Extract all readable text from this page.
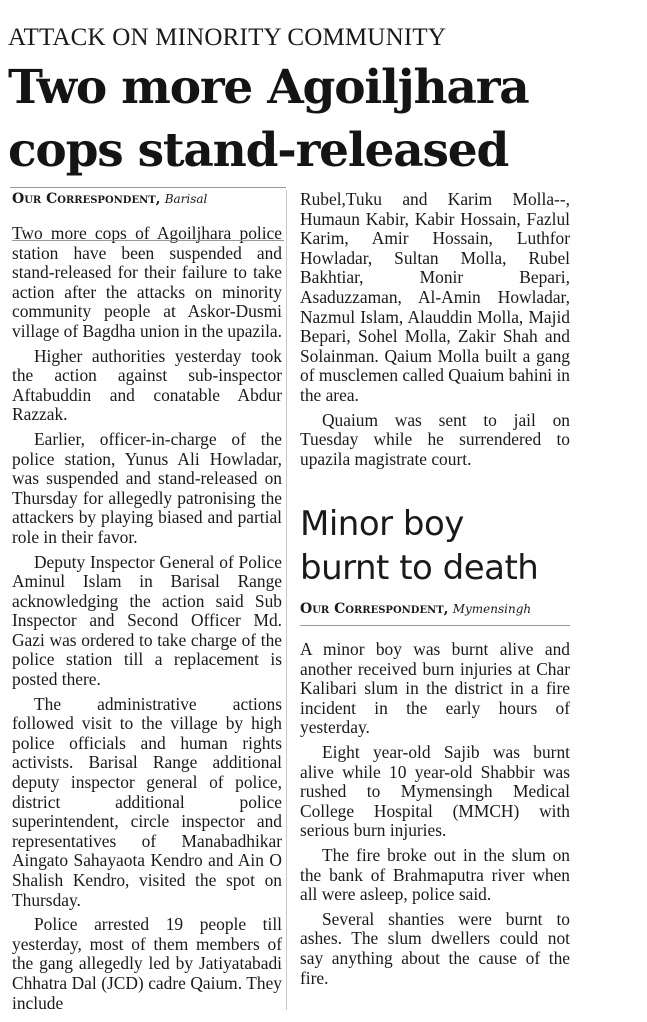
ATTACK ON MINORITY COMMUNITY
Two more Agoiljhara
cops stand-released
Our Correspondent, Barisal

Two more cops of Agoiljhara police station have been suspended and stand-released for their failure to take action after the attacks on minority community people at Askor-Dusmi village of Bagdha union in the upazila.

Higher authorities yesterday took the action against sub-inspector Aftabuddin and conatable Abdur Razzak.

Earlier, officer-in-charge of the police station, Yunus Ali Howladar, was suspended and stand-released on Thursday for allegedly patronising the attackers by playing biased and partial role in their favor.

Deputy Inspector General of Police Aminul Islam in Barisal Range acknowledging the action said Sub Inspector and Second Officer Md. Gazi was ordered to take charge of the police station till a replacement is posted there.

The administrative actions followed visit to the village by high police officials and human rights activists. Barisal Range additional deputy inspector general of police, district additional police superintendent, circle inspector and representatives of Manabadhikar Aingato Sahayaota Kendro and Ain O Shalish Kendro, visited the spot on Thursday.

Police arrested 19 people till yesterday, most of them members of the gang allegedly led by Jatiyatabadi Chhatra Dal (JCD) cadre Qaium. They include

Rubel,Tuku and Karim Molla--, Humaun Kabir, Kabir Hossain, Fazlul Karim, Amir Hossain, Luthfor Howladar, Sultan Molla, Rubel Bakhtiar, Monir Bepari, Asaduzzaman, Al-Amin Howladar, Nazmul Islam, Alauddin Molla, Majid Bepari, Sohel Molla, Zakir Shah and Solainman. Qaium Molla built a gang of musclemen called Quaium bahini in the area.

Quaium was sent to jail on Tuesday while he surrendered to upazila magistrate court.

Minor boy
burnt to death
Our Correspondent, Mymensingh

A minor boy was burnt alive and another received burn injuries at Char Kalibari slum in the district in a fire incident in the early hours of yesterday.

Eight year-old Sajib was burnt alive while 10 year-old Shabbir was rushed to Mymensingh Medical College Hospital (MMCH) with serious burn injuries.

The fire broke out in the slum on the bank of Brahmaputra river when all were asleep, police said.

Several shanties were burnt to ashes. The slum dwellers could not say anything about the cause of the fire.
